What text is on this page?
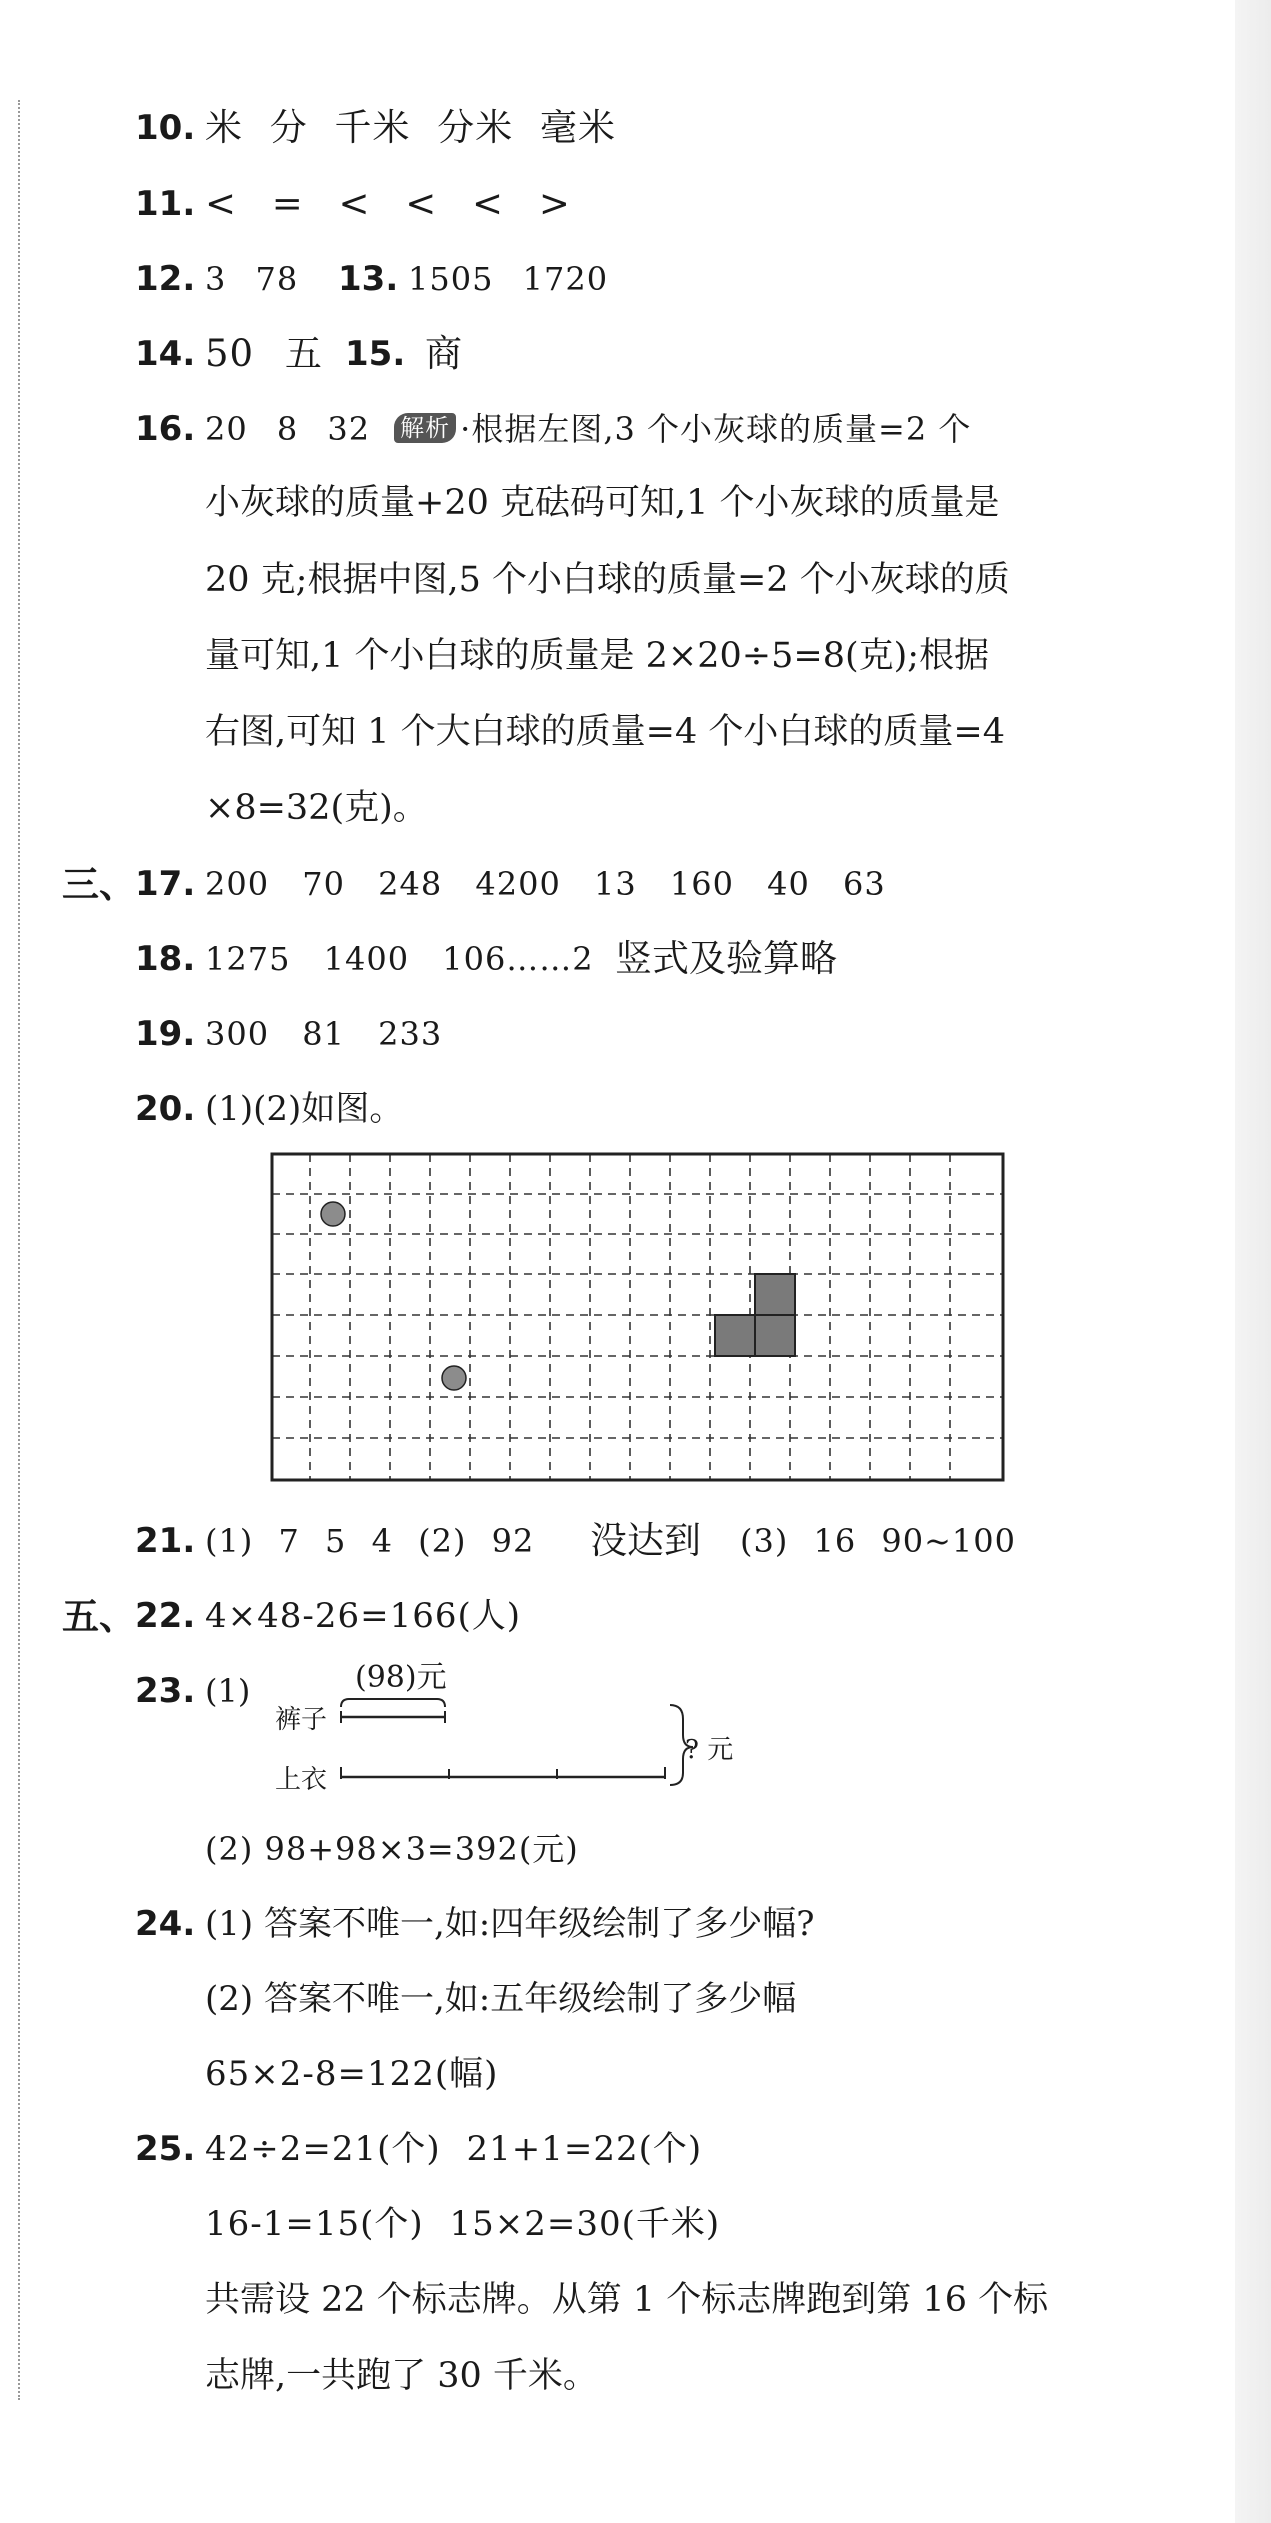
10. 米 分 千米 分米 毫米
11. < = < < < >
12. 3 78 13. 1505 1720
14. 50 五 15. 商
16. 20 8 32 解析 ·根据左图,3 个小灰球的质量=2 个
小灰球的质量+20 克砝码可知,1 个小灰球的质量是
20 克;根据中图,5 个小白球的质量=2 个小灰球的质
量可知,1 个小白球的质量是 2×20÷5=8(克);根据
右图,可知 1 个大白球的质量=4 个小白球的质量=4
×8=32(克)。
三、 17. 200 70 248 4200 13 160 40 63
18. 1275 1400 106……2 竖式及验算略
19. 300 81 233
20. (1)(2)如图。
21. (1) 7 5 4 (2) 92 没达到 (3) 16 90~100
五、 22. 4×48-26=166(人)
23. (1)	(98)元
裤子
上衣
? 元
(2) 98+98×3=392(元)
24. (1) 答案不唯一,如:四年级绘制了多少幅?
(2) 答案不唯一,如:五年级绘制了多少幅
65×2-8=122(幅)
25. 42÷2=21(个) 21+1=22(个)
16-1=15(个) 15×2=30(千米)
共需设 22 个标志牌。从第 1 个标志牌跑到第 16 个标
志牌,一共跑了 30 千米。
